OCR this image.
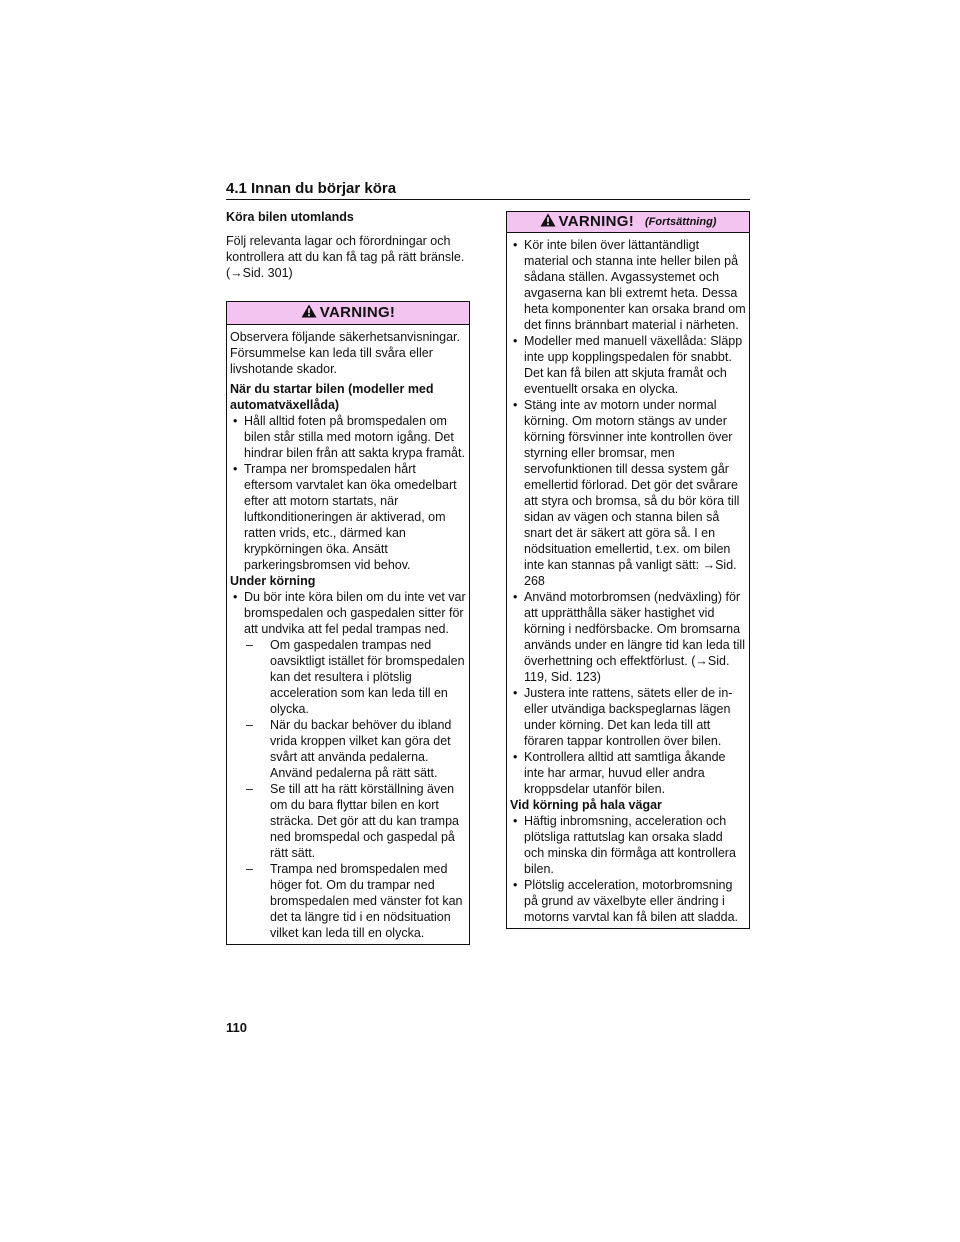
4.1 Innan du börjar köra

Köra bilen utomlands

Följ relevanta lagar och förordningar och kontrollera att du kan få tag på rätt bränsle. (→Sid. 301)

VARNING!

Observera följande säkerhetsanvisningar. Försummelse kan leda till svåra eller livshotande skador.

När du startar bilen (modeller med automatväxellåda)

• Håll alltid foten på bromspedalen om bilen står stilla med motorn igång. Det hindrar bilen från att sakta krypa framåt.
• Trampa ner bromspedalen hårt eftersom varvtalet kan öka omedelbart efter att motorn startats, när luftkonditioneringen är aktiverad, om ratten vrids, etc., därmed kan krypkörningen öka. Ansätt parkeringsbromsen vid behov.

Under körning

• Du bör inte köra bilen om du inte vet var bromspedalen och gaspedalen sitter för att undvika att fel pedal trampas ned.
– Om gaspedalen trampas ned oavsiktligt istället för bromspedalen kan det resultera i plötslig acceleration som kan leda till en olycka.
– När du backar behöver du ibland vrida kroppen vilket kan göra det svårt att använda pedalerna. Använd pedalerna på rätt sätt.
– Se till att ha rätt körställning även om du bara flyttar bilen en kort sträcka. Det gör att du kan trampa ned bromspedal och gaspedal på rätt sätt.
– Trampa ned bromspedalen med höger fot. Om du trampar ned bromspedalen med vänster fot kan det ta längre tid i en nödsituation vilket kan leda till en olycka.
VARNING! (Fortsättning)
• Kör inte bilen över lättantändligt material och stanna inte heller bilen på sådana ställen. Avgassystemet och avgaserna kan bli extremt heta. Dessa heta komponenter kan orsaka brand om det finns brännbart material i närheten.
• Modeller med manuell växellåda: Släpp inte upp kopplingspedalen för snabbt. Det kan få bilen att skjuta framåt och eventuellt orsaka en olycka.
• Stäng inte av motorn under normal körning. Om motorn stängs av under körning försvinner inte kontrollen över styrning eller bromsar, men servofunktionen till dessa system går emellertid förlorad. Det gör det svårare att styra och bromsa, så du bör köra till sidan av vägen och stanna bilen så snart det är säkert att göra så. I en nödsituation emellertid, t.ex. om bilen inte kan stannas på vanligt sätt: →Sid. 268
• Använd motorbromsen (nedväxling) för att upprätthålla säker hastighet vid körning i nedförsbacke. Om bromsarna används under en längre tid kan leda till överhettning och effektförlust. (→Sid. 119, Sid. 123)
• Justera inte rattens, sätets eller de in- eller utvändiga backspeglarnas lägen under körning. Det kan leda till att föraren tappar kontrollen över bilen.
• Kontrollera alltid att samtliga åkande inte har armar, huvud eller andra kroppsdelar utanför bilen.

Vid körning på hala vägar

• Häftig inbromsning, acceleration och plötsliga rattutslag kan orsaka sladd och minska din förmåga att kontrollera bilen.
• Plötslig acceleration, motorbromsning på grund av växelbyte eller ändring i motorns varvtal kan få bilen att sladda.
110
